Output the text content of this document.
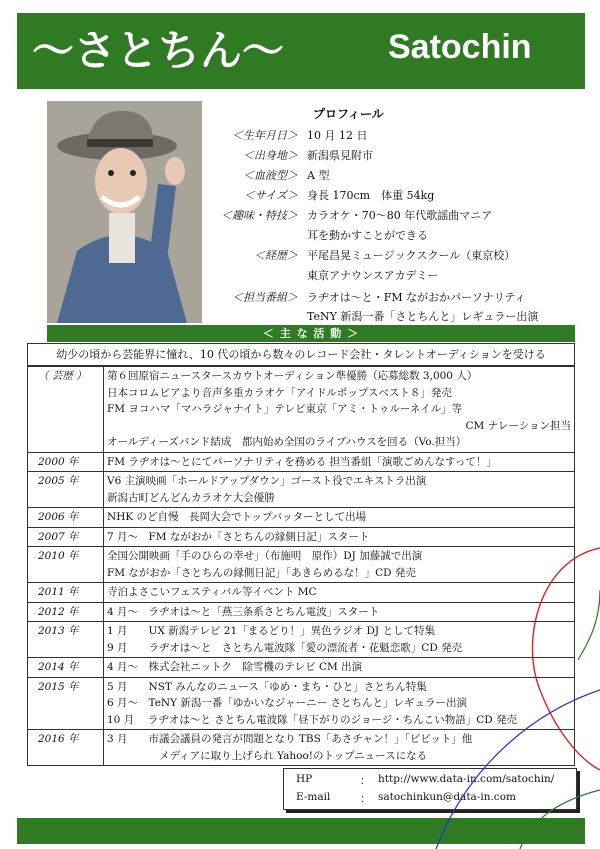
〜さとちん〜	Satochin
プロフィール
＜生年月日＞ 10 月 12 日
＜出身地＞ 新潟県見附市
＜血液型＞ A 型
＜サイズ＞ 身長 170cm　体重 54kg
＜趣味・特技＞ カラオケ・70〜80 年代歌謡曲マニア
耳を動かすことができる
＜経歴＞ 平尾昌晃ミュージックスクール（東京校）
東京アナウンスアカデミー
＜担当番組＞ ラヂオは〜と・FM ながおかパーソナリティ
TeNY 新潟一番「さとちんと」レギュラー出演
＜ 主 な 活 動 ＞
幼少の頃から芸能界に憧れ、10 代の頃から数々のレコード会社・タレントオーディションを受ける
（ 芸歴 ）	第６回原宿ニュースタースカウトオーディション準優勝（応募総数 3,000 人）
日本コロムビアより音声多重カラオケ「アイドルポップスベスト８」発売
FM ヨコハマ「マハラジャナイト」テレビ東京「アミ・トゥルーネイル」等
CM ナレーション担当
オールディーズバンド結成　都内始め全国のライブハウスを回る（Vo.担当）

2000 年	FM ラヂオは〜とにてパーソナリティを務める 担当番組「演歌ごめんなすって！」

2005 年	V6 主演映画「ホールドアップダウン」ゴースト役でエキストラ出演
新潟古町どんどんカラオケ大会優勝

2006 年	NHK のど自慢　長岡大会でトップバッターとして出場

2007 年	7 月〜　FM ながおか「さとちんの縁側日記」スタート

2010 年	全国公開映画「手のひらの幸せ」（布施明　原作）DJ 加藤誠で出演
FM ながおか「さとちんの縁側日記」「あきらめるな！」CD 発売

2011 年	寺泊よさこいフェスティバル等イベント MC

2012 年	4 月〜　ラヂオは〜と「燕三条系さとちん電波」スタート

2013 年	1 月　　UX 新潟テレビ 21「まるどり！」異色ラジオ DJ として特集
9 月　　ラヂオは〜と　さとちん電波隊「愛の漂流者・花魁恋歌」CD 発売

2014 年	4 月〜　株式会社ニットク　除雪機のテレビ CM 出演

2015 年	5 月　　NST みんなのニュース「ゆめ・まち・ひと」さとちん特集
6 月〜　TeNY 新潟一番「ゆかいなジャーニー さとちんと」レギュラー出演
10 月　 ラヂオは〜と さとちん電波隊「昼下がりのジョージ・ちんこい物語」CD 発売

2016 年	3 月　　市議会議員の発言が問題となり TBS「あさチャン！」「ビビット」他
メディアに取り上げられ Yahoo!のトップニュースになる
HP	： http://www.data-in.com/satochin/
E-mail	： satochinkun@data-in.com
